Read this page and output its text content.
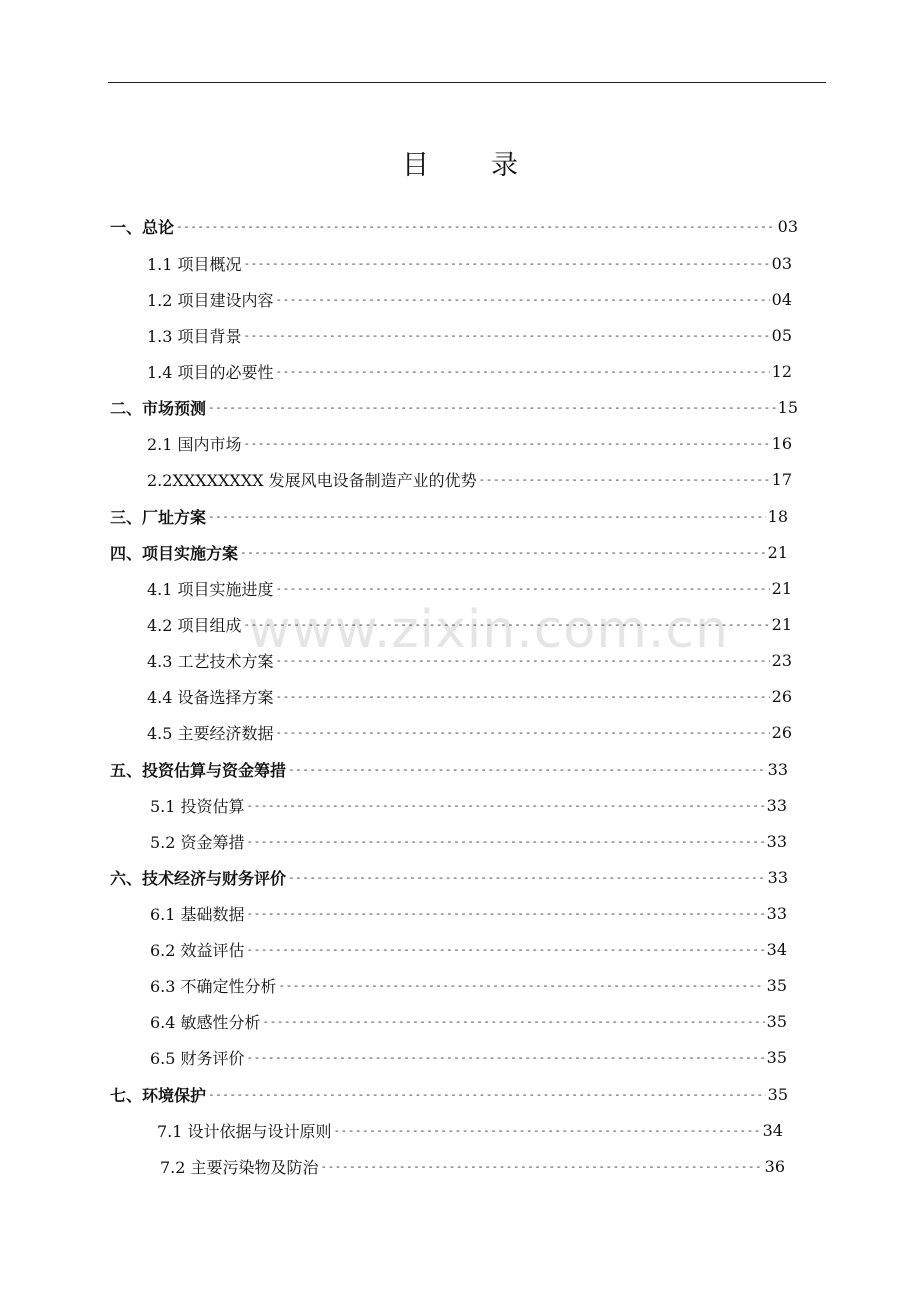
目 录
www.zixin.com.cn
一、总论 -----	03
1.1 项目概况 -----	03
1.2 项目建设内容 -----	04
1.3 项目背景 -----	05
1.4 项目的必要性 -----	12
二、市场预测 -----	15
2.1 国内市场 -----	16
2.2XXXXXXXX 发展风电设备制造产业的优势 -----	17
三、厂址方案 -----	18
四、项目实施方案 -----	21
4.1 项目实施进度 -----	21
4.2 项目组成 -----	21
4.3 工艺技术方案 -----	23
4.4 设备选择方案 -----	26
4.5 主要经济数据 -----	26
五、投资估算与资金筹措 -----	33
5.1 投资估算 -----	33
5.2 资金筹措 -----	33
六、技术经济与财务评价 -----	33
6.1 基础数据 -----	33
6.2 效益评估 -----	34
6.3 不确定性分析 -----	35
6.4 敏感性分析 -----	35
6.5 财务评价 -----	35
七、环境保护 -----	35
7.1 设计依据与设计原则 -----	34
7.2 主要污染物及防治 -----	36
